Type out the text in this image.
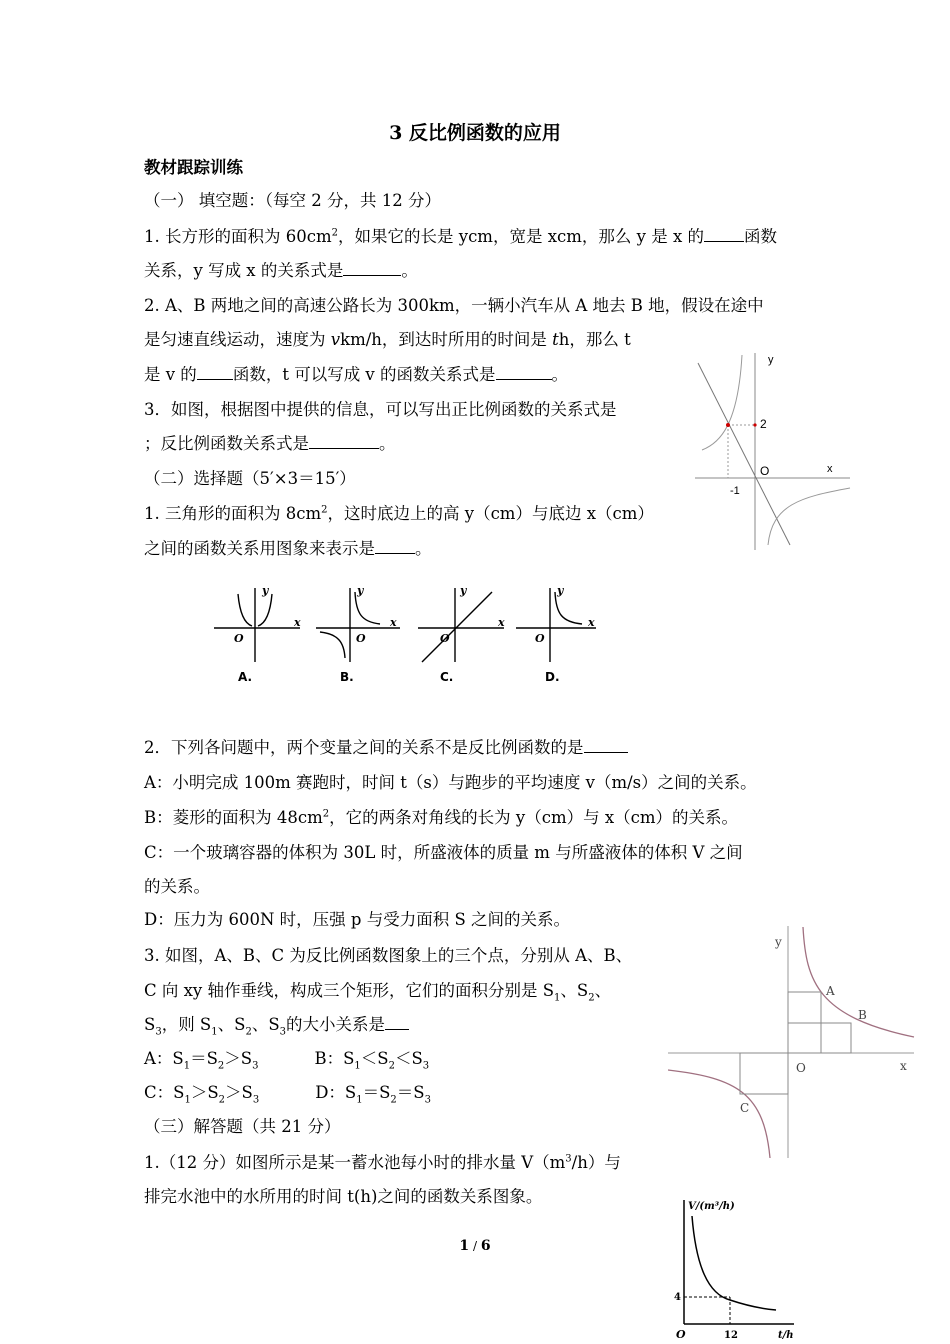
3 反比例函数的应用
教材跟踪训练
（一） 填空题：（每空 2 分，共 12 分）
1. 长方形的面积为 $60cm^2$，如果它的长是 ycm，宽是 xcm，那么 y 是 x 的 函数
关系，y 写成 x 的关系式是	。
2. A、B 两地之间的高速公路长为 300km，一辆小汽车从 A 地去 B 地，假设在途中
是匀速直线运动，速度为 vkm/h，到达时所用的时间是 th，那么 t
是 v 的 函数，t 可以写成 v 的函数关系式是	。
3．如图，根据图中提供的信息，可以写出正比例函数的关系式是
；反比例函数关系式是	。
y
x
O
2
-1
（二）选择题（5′×3＝15′）
1. 三角形的面积为 $8cm^2$，这时底边上的高 y（cm）与底边 x（cm）
之间的函数关系用图象来表示是 。
y
x
O
y
x
O
y
x
O
y
x
O
A.	B.	C.	D.
2．下列各问题中，两个变量之间的关系不是反比例函数的是
A：小明完成 100m 赛跑时，时间 t（s）与跑步的平均速度 v（m/s）之间的关系。
B：菱形的面积为 $48cm^2$，它的两条对角线的长为 y（cm）与 x（cm）的关系。
C：一个玻璃容器的体积为 30L 时，所盛液体的质量 m 与所盛液体的体积 V 之间
的关系。
D：压力为 600N 时，压强 p 与受力面积 S 之间的关系。
3. 如图，A、B、C 为反比例函数图象上的三个点，分别从 A、B、
C 向 xy 轴作垂线，构成三个矩形，它们的面积分别是 $S_1$、$S_2$、
$S_3$，则 $S_1$、$S_2$、$S_3$的大小关系是
A：$S_1=S_2>S_3$	B：$S_1<S_2<S_3$
C：$S_1>S_2>S_3$	D：$S_1=S_2=S_3$
y
x
O
A
B
C
（三）解答题（共 21 分）
1.（12 分）如图所示是某一蓄水池每小时的排水量 $V(m^3/h)$与
排完水池中的水所用的时间 t(h)之间的函数关系图象。
V/(m³/h)
4
O	12	t/h
1 / 6
